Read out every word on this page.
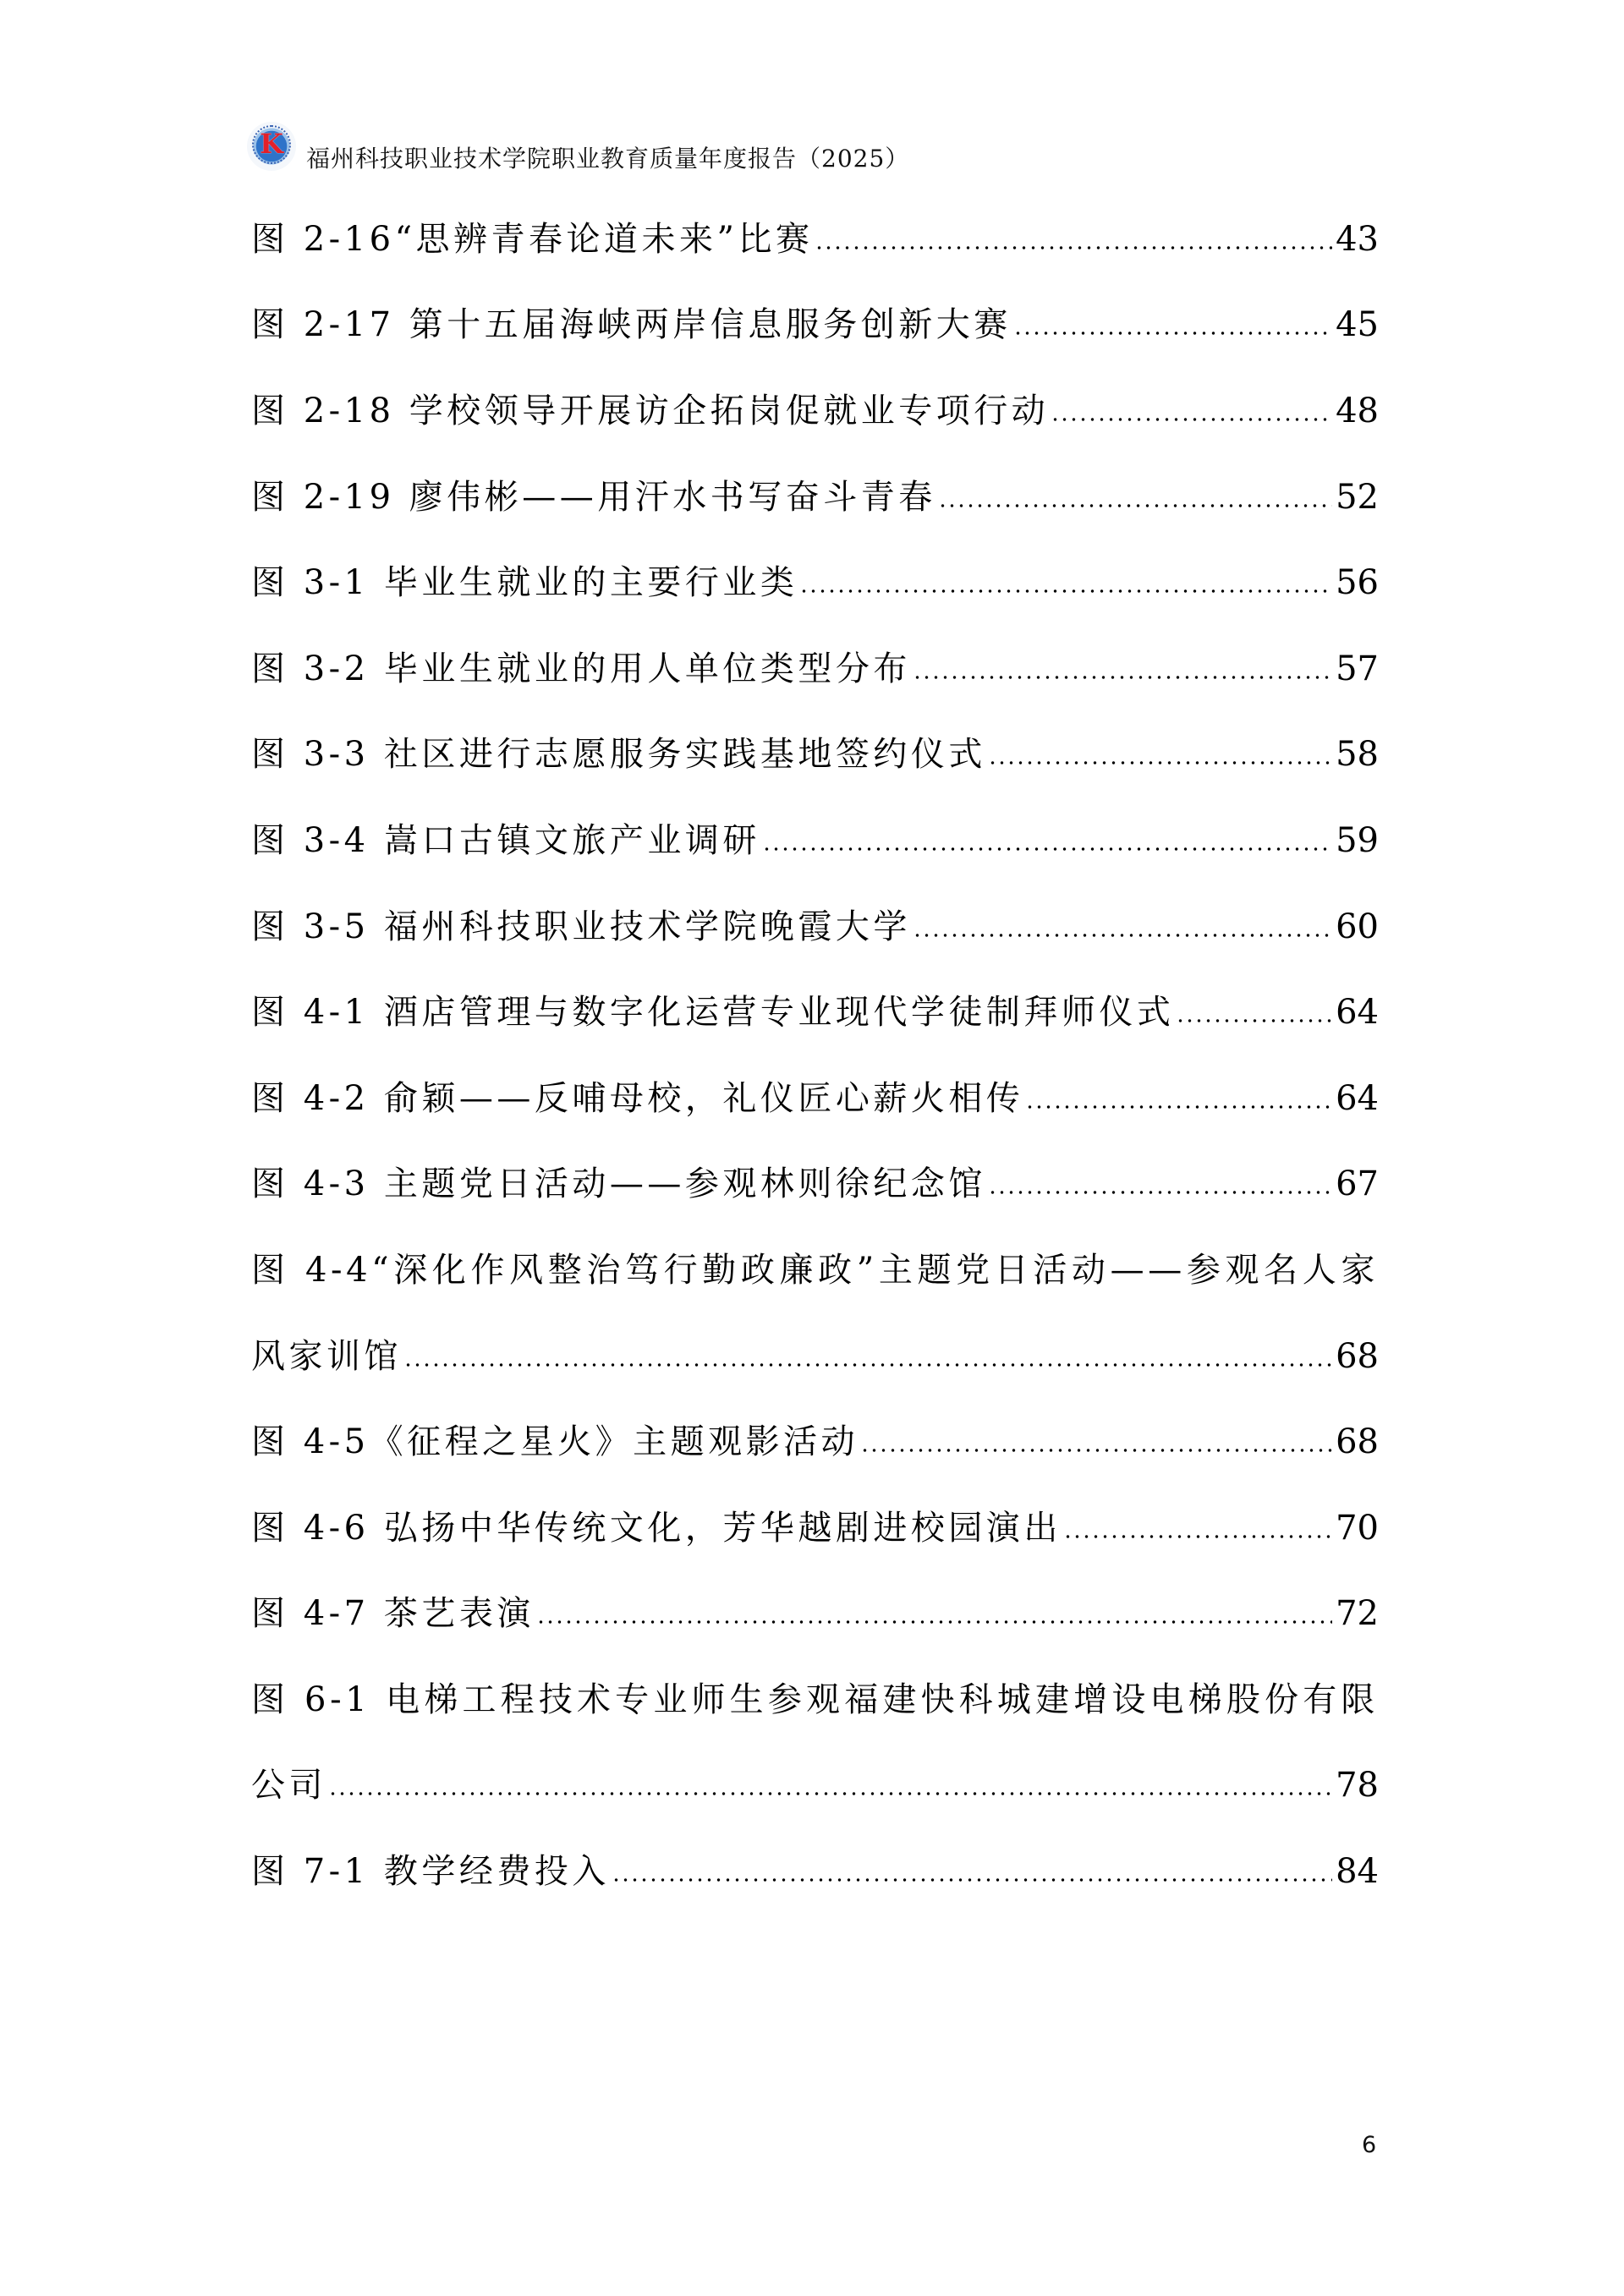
K 福州科技职业技术学院职业教育质量年度报告（2025）
图 2-16“思辨青春论道未来”比赛	43
图 2-17 第十五届海峡两岸信息服务创新大赛	45
图 2-18 学校领导开展访企拓岗促就业专项行动	48
图 2-19 廖伟彬——用汗水书写奋斗青春	52
图 3-1 毕业生就业的主要行业类	56
图 3-2 毕业生就业的用人单位类型分布	57
图 3-3 社区进行志愿服务实践基地签约仪式	58
图 3-4 嵩口古镇文旅产业调研	59
图 3-5 福州科技职业技术学院晚霞大学	60
图 4-1 酒店管理与数字化运营专业现代学徒制拜师仪式	64
图 4-2 俞颖——反哺母校，礼仪匠心薪火相传	64
图 4-3 主题党日活动——参观林则徐纪念馆	67
图 4-4“深化作风整治笃行勤政廉政”主题党日活动——参观名人家
风家训馆	68
图 4-5《征程之星火》主题观影活动	68
图 4-6 弘扬中华传统文化，芳华越剧进校园演出	70
图 4-7 茶艺表演	72
图 6-1 电梯工程技术专业师生参观福建快科城建增设电梯股份有限
公司	78
图 7-1 教学经费投入	84
6
